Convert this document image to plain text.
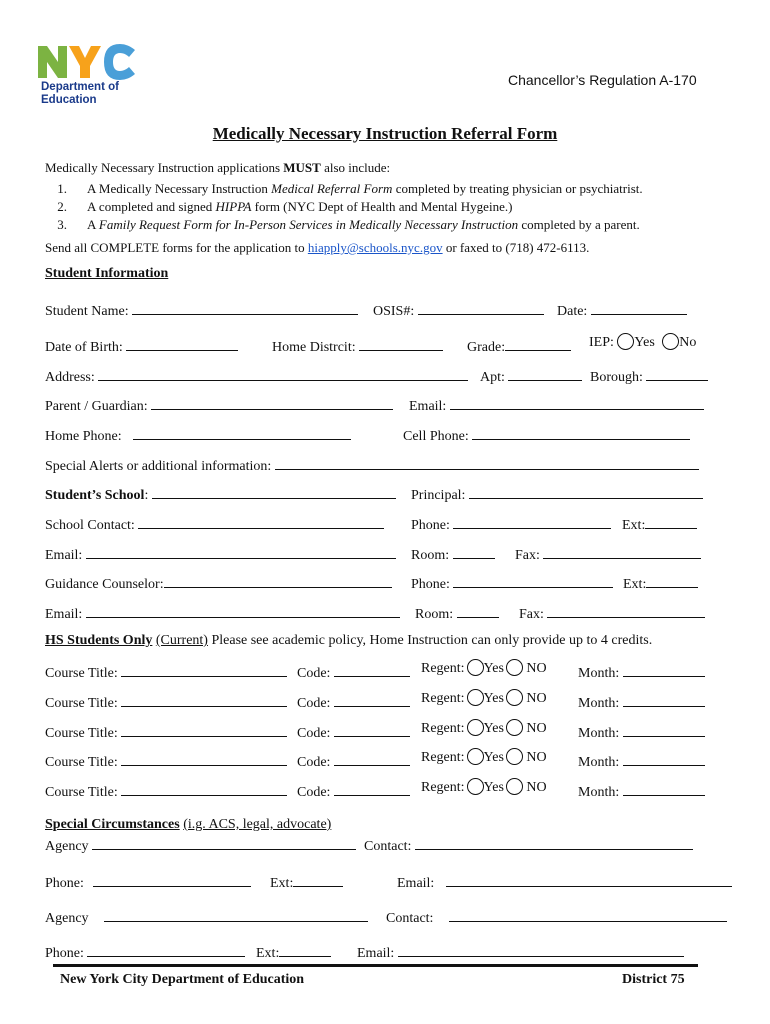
Department of
Education
Chancellor’s Regulation A-170
Medically Necessary Instruction Referral Form
Medically Necessary Instruction applications MUST also include:
1. A Medically Necessary Instruction Medical Referral Form completed by treating physician or psychiatrist.
2. A completed and signed HIPPA form (NYC Dept of Health and Mental Hygeine.)
3. A Family Request Form for In-Person Services in Medically Necessary Instruction completed by a parent.
Send all COMPLETE forms for the application to hiapply@schools.nyc.gov or faxed to (718) 472-6113.
Student Information
Student Name:	OSIS#:	Date:
Date of Birth:	Home Distrcit:	Grade:	IEP: Yes No
Address:	Apt:	Borough:
Parent / Guardian:	Email:
Home Phone:	Cell Phone:
Special Alerts or additional information:
Student’s School:	Principal:
School Contact:	Phone:	Ext:
Email:	Room:	Fax:
Guidance Counselor:	Phone:	Ext:
Email:	Room:	Fax:
HS Students Only (Current) Please see academic policy, Home Instruction can only provide up to 4 credits.
Course Title:	Code:	Regent: Yes NO Month:
Course Title:	Code:	Regent: Yes NO Month:
Course Title:	Code:	Regent: Yes NO Month:
Course Title:	Code:	Regent: Yes NO Month:
Course Title:	Code:	Regent: Yes NO Month:
Special Circumstances (i.g. ACS, legal, advocate)
Agency	Contact:
Phone:	Ext:	Email:
Agency	Contact:
Phone:	Ext:	Email:
New York City Department of Education	District 75
